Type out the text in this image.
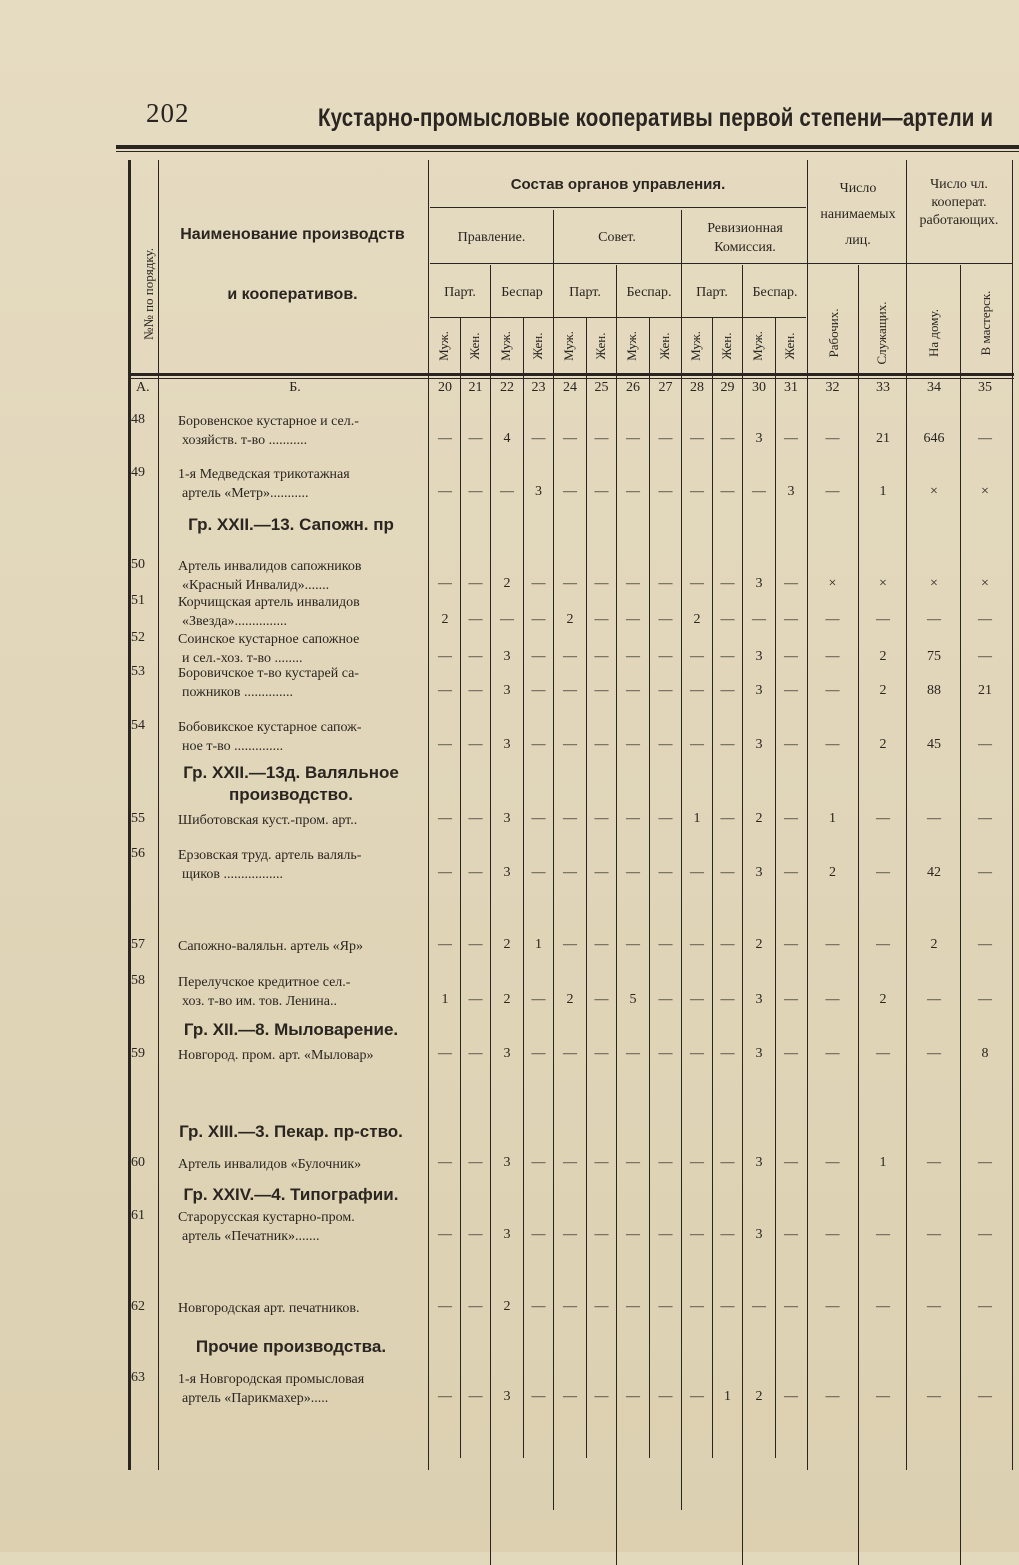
202	Кустарно-промысловые кооперативы первой степени—артели и
№№ по порядку.
Наименование производств
и кооперативов.
Состав органов управления.
Правление.	Совет.
Ревизионная Комиссия.
Парт.	Беспар	Парт.	Беспар.	Парт.	Беспар.
Число нанимаемых лиц.
Число чл. кооперат. работающих.
Муж. Жен. Муж. Жен. Муж. Жен. Муж. Жен. Муж. Жен. Муж. Жен. Рабочих.	Служащих.	На дому.	В мастерск.
А.	Б.	20	21	22	23	24	25	26	27	28	29	30	31	32	33	34	35
Гр. XXII.—13. Сапожн. пр
Гр. XXII.—13д. Валяльное производство.
Гр. XII.—8. Мыловарение.
Гр. XIII.—3. Пекар. пр-ство.
Гр. XXIV.—4. Типографии.
Прочие производства.
48	Боровенское кустарное и сел.-
хозяйств. т-во ...........	—	—	4	—	—	—	—	—	—	—	3	—	—	21	646	—
49	1-я Медведская трикотажная
артель «Метр»...........	—	—	—	3	—	—	—	—	—	—	—	3	—	1	×	×
50	Артель инвалидов сапожников
«Красный Инвалид».......	—	—	2	—	—	—	—	—	—	—	3	—	×	×	×	×
51	Корчищская артель инвалидов
«Звезда»...............	2	—	—	—	2	—	—	—	2	—	—	—	—	—	—	—
52	Соинское кустарное сапожное
и сел.-хоз. т-во ........	—	—	3	—	—	—	—	—	—	—	3	—	—	2	75	—
53	Боровичское т-во кустарей са-
пожников ..............	—	—	3	—	—	—	—	—	—	—	3	—	—	2	88	21
54	Бобовикское кустарное сапож-
ное т-во ..............	—	—	3	—	—	—	—	—	—	—	3	—	—	2	45	—
55	Шиботовская куст.-пром. арт..	—	—	3	—	—	—	—	—	1	—	2	—	1	—	—	—
56	Ерзовская труд. артель валяль-
щиков .................	—	—	3	—	—	—	—	—	—	—	3	—	2	—	42	—
57	Сапожно-валяльн. артель «Яр»	—	—	2	1	—	—	—	—	—	—	2	—	—	—	2	—
58	Перелучское кредитное сел.-
хоз. т-во им. тов. Ленина..	1	—	2	—	2	—	5	—	—	—	3	—	—	2	—	—
59	Новгород. пром. арт. «Мыловар»	—	—	3	—	—	—	—	—	—	—	3	—	—	—	—	8
60	Артель инвалидов «Булочник»	—	—	3	—	—	—	—	—	—	—	3	—	—	1	—	—
61	Старорусская кустарно-пром.
артель «Печатник».......	—	—	3	—	—	—	—	—	—	—	3	—	—	—	—	—
62	Новгородская арт. печатников.	—	—	2	—	—	—	—	—	—	—	—	—	—	—	—	—
63	1-я Новгородская промысловая
артель «Парикмахер».....	—	—	3	—	—	—	—	—	—	1	2	—	—	—	—	—
